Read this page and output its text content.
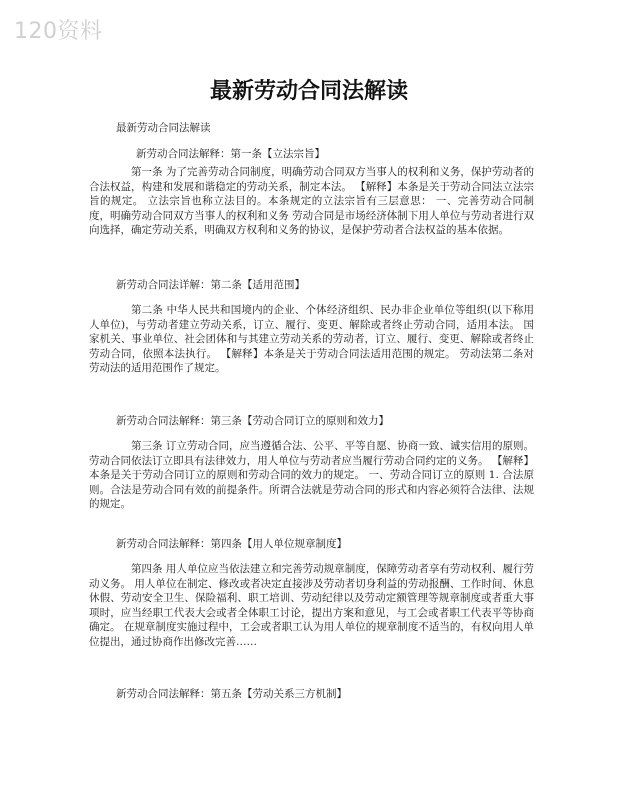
120资料
最新劳动合同法解读
最新劳动合同法解读
新劳动合同法解释：第一条【立法宗旨】
第一条 为了完善劳动合同制度，明确劳动合同双方当事人的权利和义务，保护劳动者的合法权益，构建和发展和谐稳定的劳动关系，制定本法。 【解释】本条是关于劳动合同法立法宗旨的规定。 立法宗旨也称立法目的。本条规定的立法宗旨有三层意思： 一、完善劳动合同制度，明确劳动合同双方当事人的权利和义务 劳动合同是市场经济体制下用人单位与劳动者进行双向选择，确定劳动关系，明确双方权利和义务的协议，是保护劳动者合法权益的基本依据。
新劳动合同法详解：第二条【适用范围】
第二条 中华人民共和国境内的企业、个体经济组织、民办非企业单位等组织(以下称用人单位)，与劳动者建立劳动关系，订立、履行、变更、解除或者终止劳动合同，适用本法。 国家机关、事业单位、社会团体和与其建立劳动关系的劳动者，订立、履行、变更、解除或者终止劳动合同，依照本法执行。 【解释】本条是关于劳动合同法适用范围的规定。 劳动法第二条对劳动法的适用范围作了规定。
新劳动合同法解释：第三条【劳动合同订立的原则和效力】
第三条 订立劳动合同，应当遵循合法、公平、平等自愿、协商一致、诚实信用的原则。 劳动合同依法订立即具有法律效力，用人单位与劳动者应当履行劳动合同约定的义务。 【解释】本条是关于劳动合同订立的原则和劳动合同的效力的规定。 一、劳动合同订立的原则 1. 合法原则。合法是劳动合同有效的前提条件。所谓合法就是劳动合同的形式和内容必须符合法律、法规的规定。
新劳动合同法解释：第四条【用人单位规章制度】
第四条 用人单位应当依法建立和完善劳动规章制度，保障劳动者享有劳动权利、履行劳动义务。 用人单位在制定、修改或者决定直接涉及劳动者切身利益的劳动报酬、工作时间、休息休假、劳动安全卫生、保险福利、职工培训、劳动纪律以及劳动定额管理等规章制度或者重大事项时，应当经职工代表大会或者全体职工讨论，提出方案和意见，与工会或者职工代表平等协商确定。 在规章制度实施过程中，工会或者职工认为用人单位的规章制度不适当的，有权向用人单位提出，通过协商作出修改完善……
新劳动合同法解释：第五条【劳动关系三方机制】
